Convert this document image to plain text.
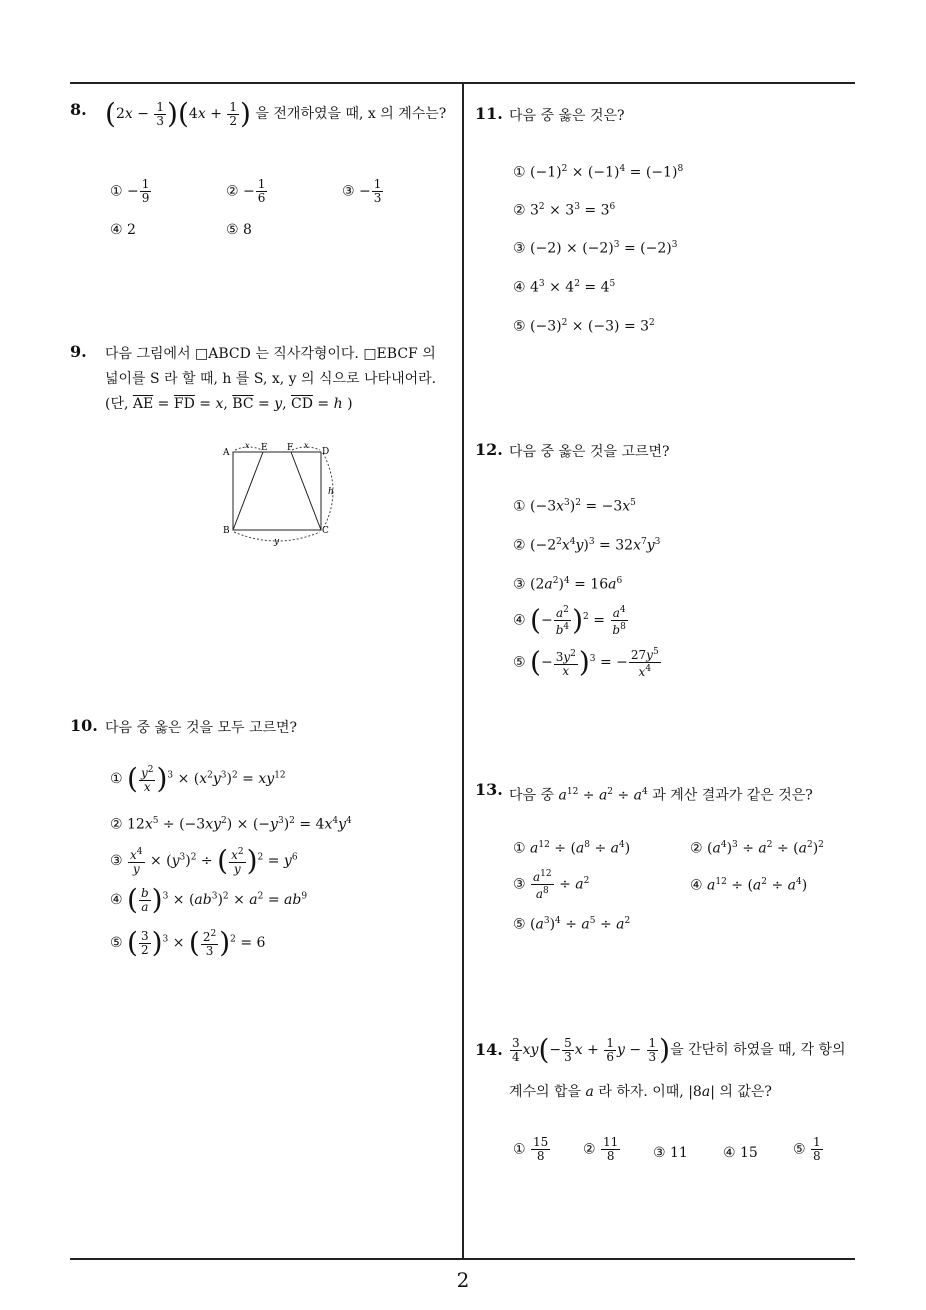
8. $(2x - \frac{1}{3} )(4x + \frac{1}{2}$ ) 을 전개하였을 때, x 의 계수는?
① − $\frac{1}{9}$	② − $\frac{1}{6}$	③ − $\frac{1}{3}$
④ 2	⑤ 8
9. 다음 그림에서 □ABCD 는 직사각형이다. □EBCF 의
넓이를 S 라 할 때, h 를 S, x, y 의 식으로 나타내어라.
(단, $\overline{AE} = \overline{FD} = x$, $\overline{BC} = y$, $\overline{CD} = h$ )
A	E F	D
B	C
x	x
h
y
10. 다음 중 옳은 것을 모두 고르면?
① ( $\frac{y^2}{x} )^3 \times (x^2y^3)^2 = xy^{12}$
② $12x^5 \div (-3xy^2) \times (-y^3)^2 = 4x^4y^4$
③ $\frac{x^4}{y} \times (y^3)^2$ ÷ ( $\frac{x^2}{y} )^2 = y^6$
④ ( $\frac{b}{a} )^3 \times (ab^3)^2 \times a^2 = ab^9$
⑤ ( $\frac{3}{2} )^3$ × ( $\frac{2^2}{3} )^2 = 6$
11. 다음 중 옳은 것은?
① $(-1)^2 \times (-1)^4 = (-1)^8$
② $3^2 \times 3^3 = 3^6$
③ $(-2) \times (-2)^3 = (-2)^3$
④ $4^3 \times 4^2 = 4^5$
⑤ $(-3)^2 \times (-3) = 3^2$
12. 다음 중 옳은 것을 고르면?
① $(-3x^3)^2 = -3x^5$
② $(-2^2x^4y)^3 = 32x^7y^3$
③ $(2a^2)^4 = 16a^6$
④ (− $\frac{a^2}{b^4} )^2 = \frac{a^4}{b^8}$
⑤ (− $\frac{3y^2}{x} )^3$ = − $\frac{27y^5}{x^4}$
13. 다음 중 $a^{12} \div a^2 \div a^4$ 과 계산 결과가 같은 것은?
① $a^{12} \div (a^8 \div a^4)$	② $(a^4)^3 \div a^2 \div (a^2)^2$
③ $\frac{a^{12}}{a^8} \div a^2$	④ $a^{12} \div (a^2 \div a^4)$
⑤ $(a^3)^4 \div a^5 \div a^2$
14. $\frac{3}{4} xy(- \frac{5}{3}$ $x + \frac{1}{6}$ $y - \frac{1}{3}$ )을 간단히 하였을 때, 각 항의
계수의 합을 a 라 하자. 이때, |8a| 의 값은?
① $\frac{15}{8}$ ② $\frac{11}{8}$ ③ 11	④ 15	⑤ $\frac{1}{8}$
2
